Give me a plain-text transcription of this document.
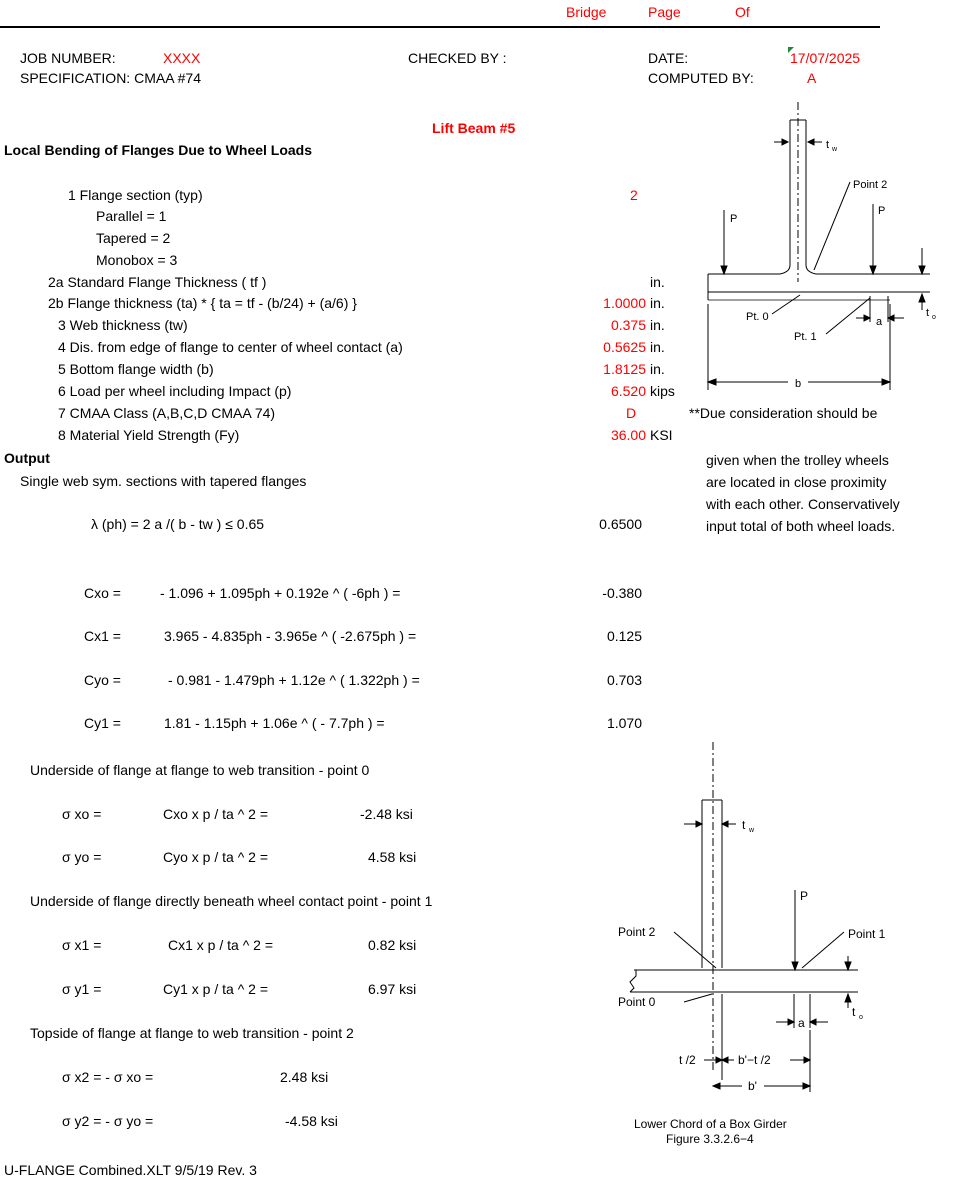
Bridge	Page	Of
JOB NUMBER:	XXXX
SPECIFICATION: CMAA #74
CHECKED BY :	DATE:	17/07/2025
COMPUTED BY:	A
Lift Beam #5
Local Bending of Flanges Due to Wheel Loads
1 Flange section (typ)	2
Parallel = 1
Tapered = 2
Monobox = 3
2a Standard Flange Thickness ( tf )	in.
2b Flange thickness (ta) * { ta = tf - (b/24) + (a/6) }	1.0000 in.
3 Web thickness (tw)	0.375 in.
4 Dis. from edge of flange to center of wheel contact (a)	0.5625 in.
5 Bottom flange width (b)	1.8125 in.
6 Load per wheel including Impact (p)	6.520 kips
7 CMAA Class (A,B,C,D CMAA 74)	D
8 Material Yield Strength (Fy)	36.00 KSI
**Due consideration should be
given when the trolley wheels
are located in close proximity
with each other. Conservatively
input total of both wheel loads.
Output
Single web sym. sections with tapered flanges
λ (ph) = 2 a /( b - tw ) ≤ 0.65	0.6500
Cxo =	- 1.096 + 1.095ph + 0.192e ^ ( -6ph ) =	-0.380
Cx1 =	3.965 - 4.835ph - 3.965e ^ ( -2.675ph ) =	0.125
Cyo =	- 0.981 - 1.479ph + 1.12e ^ ( 1.322ph ) =	0.703
Cy1 =	1.81 - 1.15ph + 1.06e ^ ( - 7.7ph ) =	1.070
Underside of flange at flange to web transition - point 0
σ xo =	Cxo x p / ta ^ 2 =	-2.48 ksi
σ yo =	Cyo x p / ta ^ 2 =	4.58 ksi
Underside of flange directly beneath wheel contact point - point 1
σ x1 =	Cx1 x p / ta ^ 2 =	0.82 ksi
σ y1 =	Cy1 x p / ta ^ 2 =	6.97 ksi
Topside of flange at flange to web transition - point 2
σ x2 = - σ xo =	2.48 ksi
σ y2 = - σ yo =	-4.58 ksi
U-FLANGE Combined.XLT 9/5/19 Rev. 3
t w
P
P
Point 2
Pt. 0
Pt. 1
a
b
t o
t w
P
Point 2	Point 1
Point 0
a
t o
t /2	b'−t /2
b'
Lower Chord of a Box Girder
Figure 3.3.2.6−4
